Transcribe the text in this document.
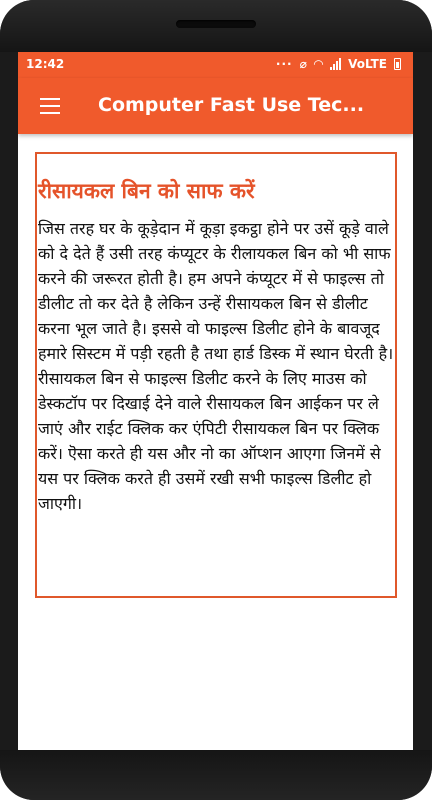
12:42	··· ⌀ ◠ VoLTE
Computer Fast Use Tec...
रीसायकल बिन को साफ करें

जिस तरह घर के कूड़ेदान में कूड़ा इकट्ठा होने पर उसें कूड़े वाले को दे देते हैं उसी तरह कंप्यूटर के रीलायकल बिन को भी साफ करने की जरूरत होती है। हम अपने कंप्यूटर में से फाइल्स तो डीलीट तो कर देते है लेकिन उन्हें रीसायकल बिन से डीलीट करना भूल जाते है। इससे वो फाइल्स डिलीट होने के बावजूद हमारे सिस्टम में पड़ी रहती है तथा हार्ड डिस्क में स्थान घेरती है। रीसायकल बिन से फाइल्स डिलीट करने के लिए माउस को डेस्कटॉप पर दिखाई देने वाले रीसायकल बिन आईकन पर ले जाएं और राईट क्लिक कर एंपिटी रीसायकल बिन पर क्लिक करें। ऎसा करते ही यस और नो का ऑप्शन आएगा जिनमें से यस पर क्लिक करते ही उसमें रखी सभी फाइल्स डिलीट हो जाएगी।
